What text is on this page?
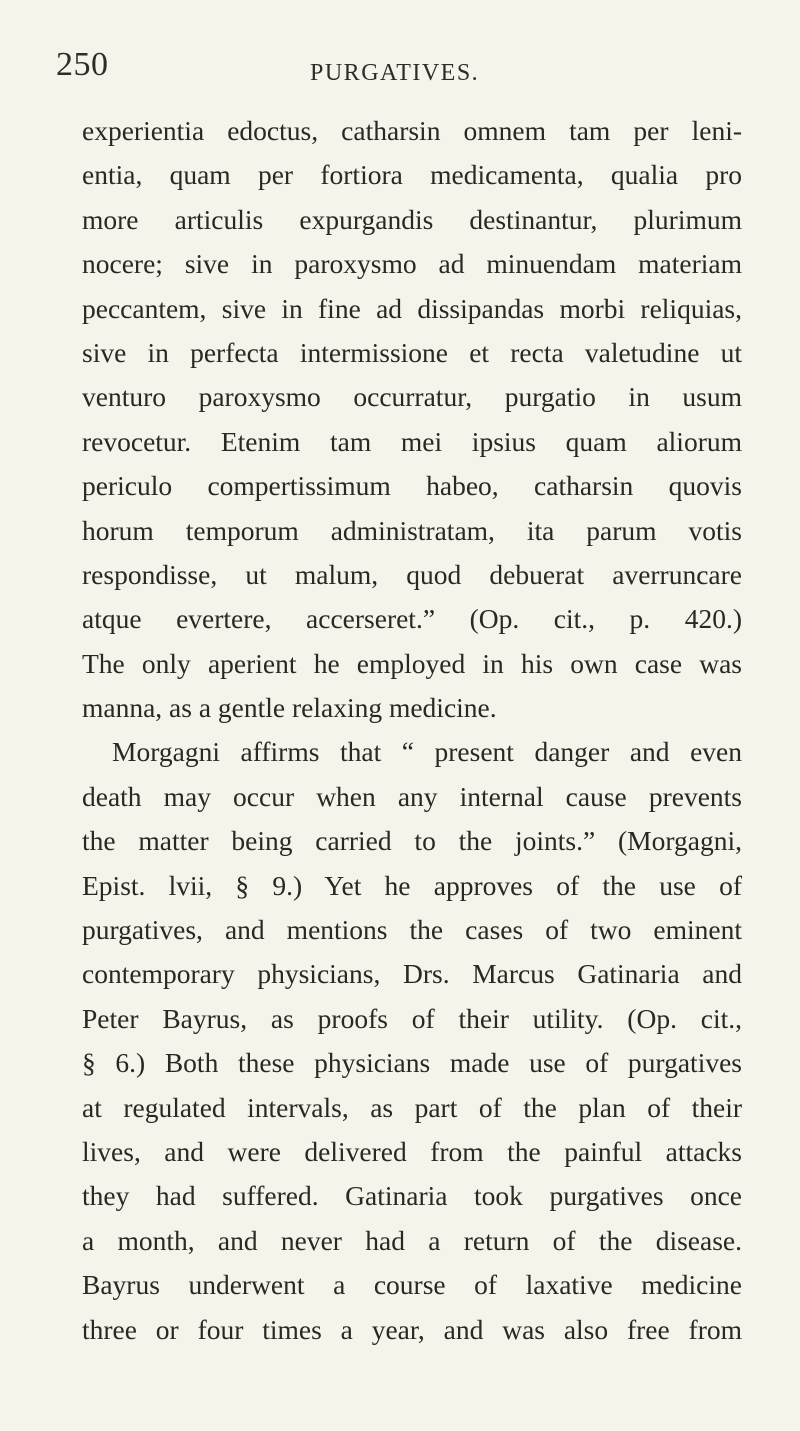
250	PURGATIVES.
experientia edoctus, catharsin omnem tam per leni-
entia, quam per fortiora medicamenta, qualia pro
more articulis expurgandis destinantur, plurimum
nocere; sive in paroxysmo ad minuendam materiam
peccantem, sive in fine ad dissipandas morbi reliquias,
sive in perfecta intermissione et recta valetudine ut
venturo paroxysmo occurratur, purgatio in usum
revocetur. Etenim tam mei ipsius quam aliorum
periculo compertissimum habeo, catharsin quovis
horum temporum administratam, ita parum votis
respondisse, ut malum, quod debuerat averruncare
atque evertere, accerseret.” (Op. cit., p. 420.)
The only aperient he employed in his own case was
manna, as a gentle relaxing medicine.
Morgagni affirms that “ present danger and even
death may occur when any internal cause prevents
the matter being carried to the joints.” (Morgagni,
Epist. lvii, § 9.) Yet he approves of the use of
purgatives, and mentions the cases of two eminent
contemporary physicians, Drs. Marcus Gatinaria and
Peter Bayrus, as proofs of their utility. (Op. cit.,
§ 6.) Both these physicians made use of purgatives
at regulated intervals, as part of the plan of their
lives, and were delivered from the painful attacks
they had suffered. Gatinaria took purgatives once
a month, and never had a return of the disease.
Bayrus underwent a course of laxative medicine
three or four times a year, and was also free from
